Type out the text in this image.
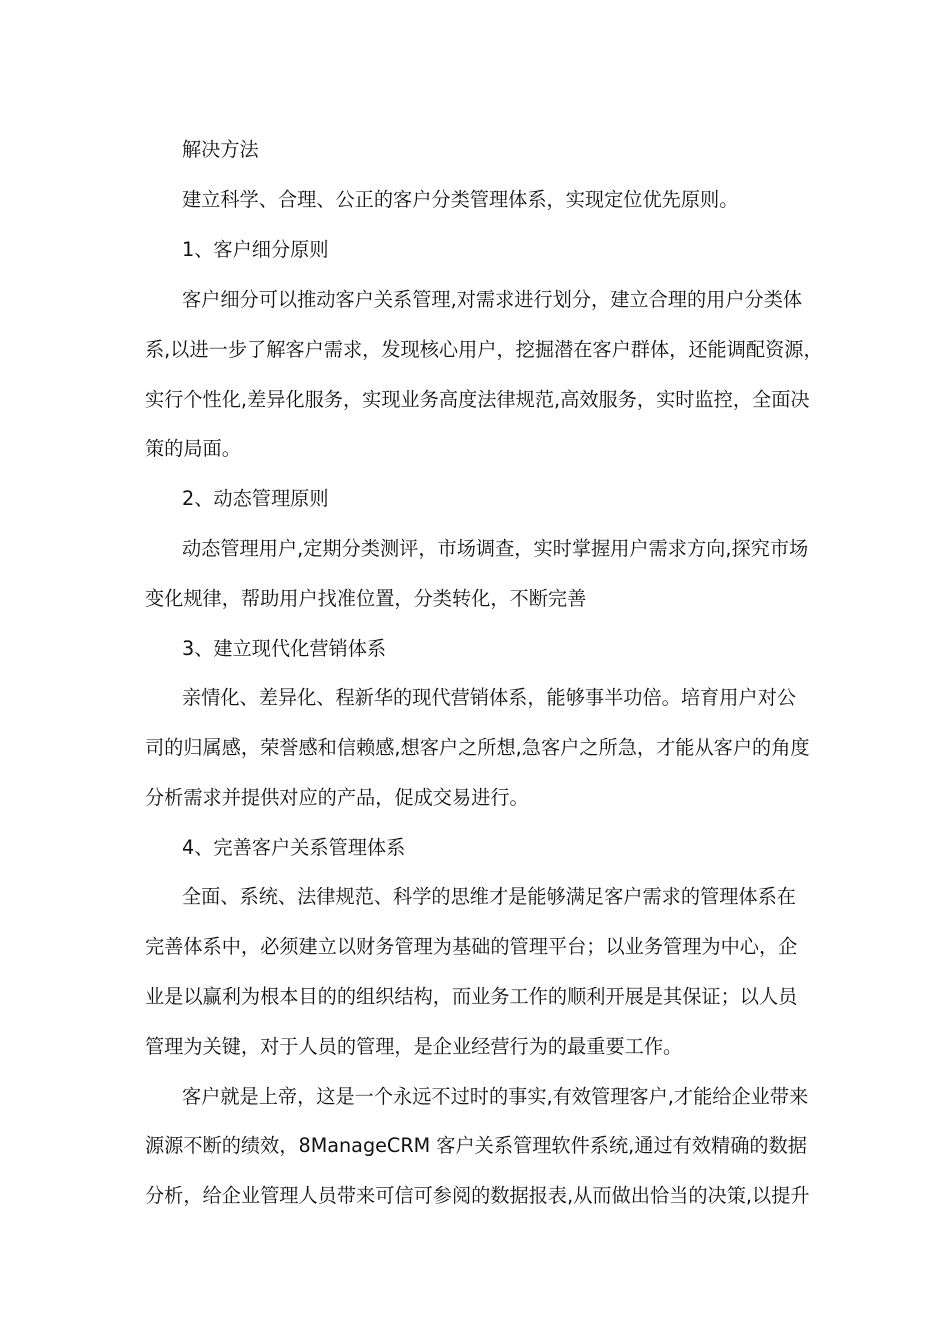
解决方法
建立科学、合理、公正的客户分类管理体系，实现定位优先原则。
1、客户细分原则
客户细分可以推动客户关系管理,对需求进行划分，建立合理的用户分类体
系,以进一步了解客户需求，发现核心用户，挖掘潜在客户群体，还能调配资源，
实行个性化,差异化服务，实现业务高度法律规范,高效服务，实时监控，全面决
策的局面。
2、动态管理原则
动态管理用户,定期分类测评，市场调查，实时掌握用户需求方向,探究市场
变化规律，帮助用户找准位置，分类转化，不断完善
3、建立现代化营销体系
亲情化、差异化、程新华的现代营销体系，能够事半功倍。培育用户对公
司的归属感，荣誉感和信赖感,想客户之所想,急客户之所急，才能从客户的角度
分析需求并提供对应的产品，促成交易进行。
4、完善客户关系管理体系
全面、系统、法律规范、科学的思维才是能够满足客户需求的管理体系在
完善体系中，必须建立以财务管理为基础的管理平台；以业务管理为中心，企
业是以赢利为根本目的的组织结构，而业务工作的顺利开展是其保证；以人员
管理为关键，对于人员的管理，是企业经营行为的最重要工作。
客户就是上帝，这是一个永远不过时的事实,有效管理客户,才能给企业带来
源源不断的绩效，8ManageCRM 客户关系管理软件系统,通过有效精确的数据
分析，给企业管理人员带来可信可参阅的数据报表,从而做出恰当的决策,以提升
